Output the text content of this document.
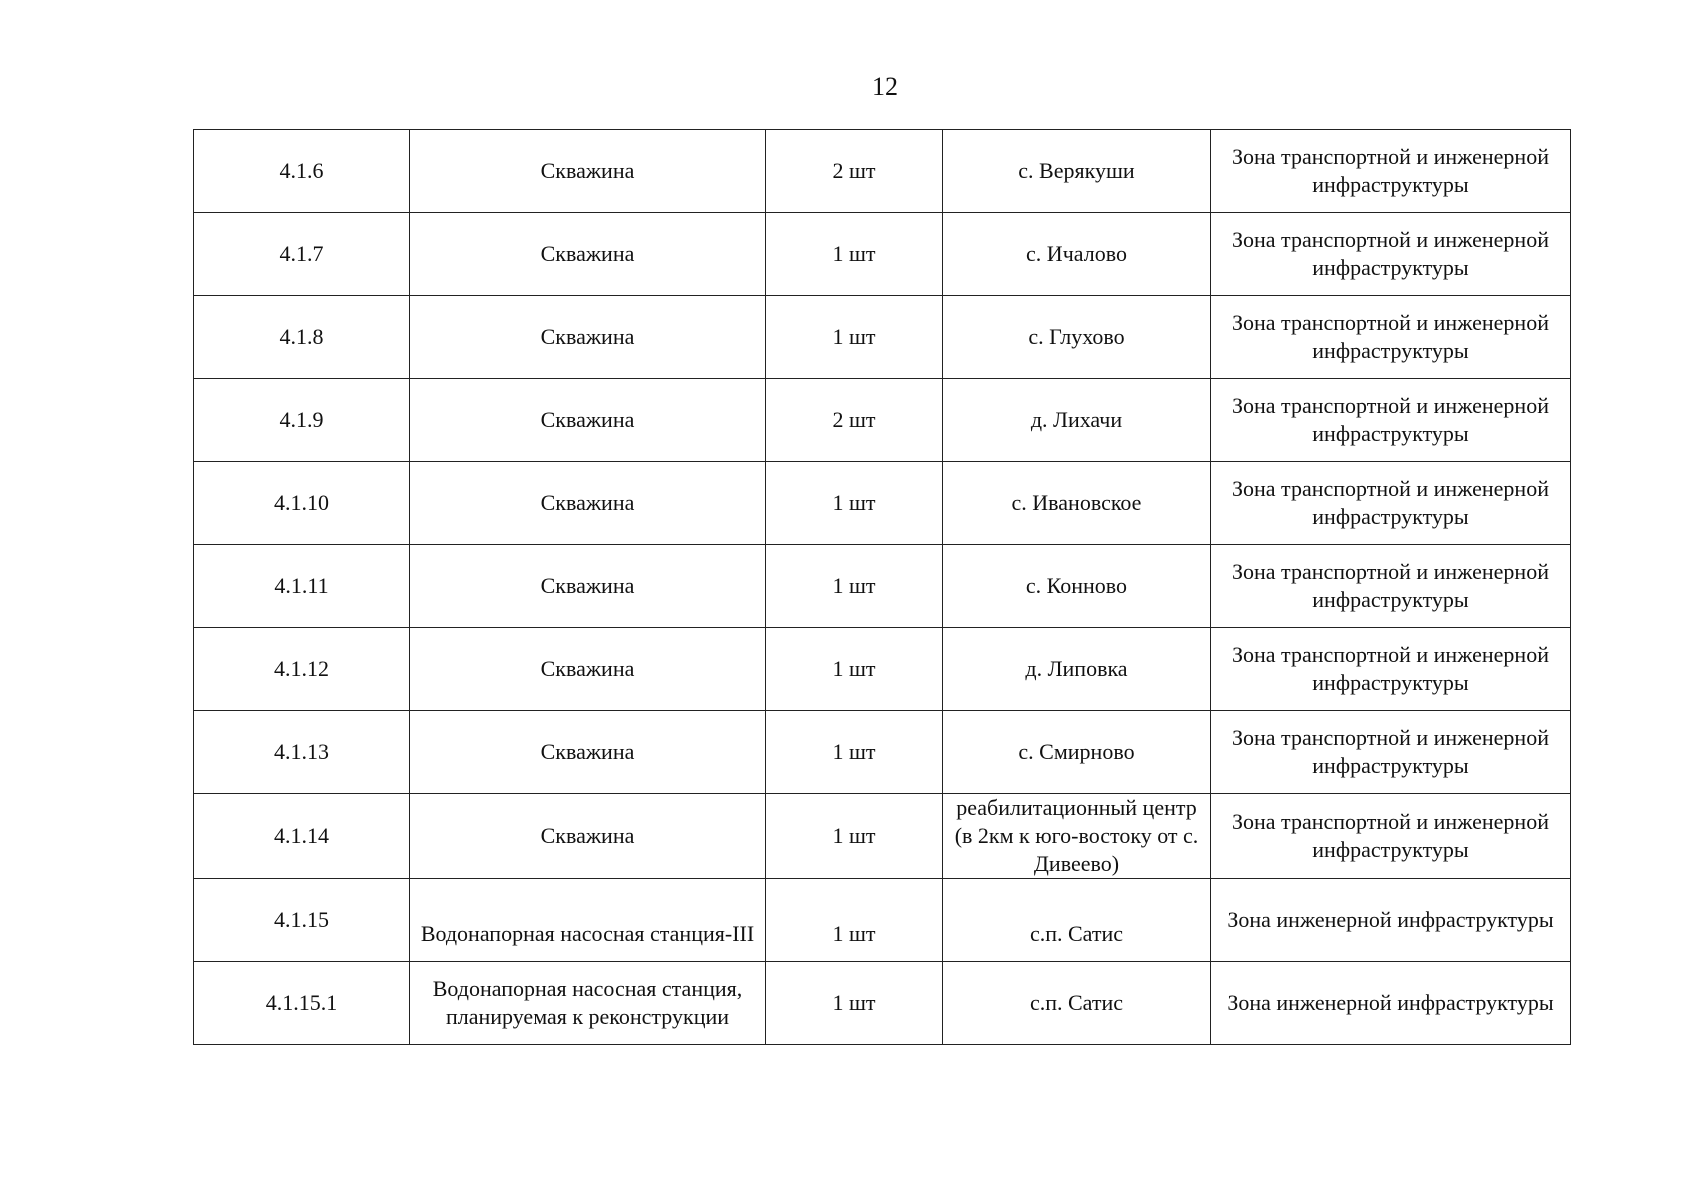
12
4.1.6	Скважина	2 шт	с. Верякуши	Зона транспортной и инженерной инфраструктуры
4.1.7	Скважина	1 шт	с. Ичалово	Зона транспортной и инженерной инфраструктуры
4.1.8	Скважина	1 шт	с. Глухово	Зона транспортной и инженерной инфраструктуры
4.1.9	Скважина	2 шт	д. Лихачи	Зона транспортной и инженерной инфраструктуры
4.1.10	Скважина	1 шт	с. Ивановское	Зона транспортной и инженерной инфраструктуры
4.1.11	Скважина	1 шт	с. Конново	Зона транспортной и инженерной инфраструктуры
4.1.12	Скважина	1 шт	д. Липовка	Зона транспортной и инженерной инфраструктуры
4.1.13	Скважина	1 шт	с. Смирново	Зона транспортной и инженерной инфраструктуры
4.1.14	Скважина	1 шт	реабилитационный центр (в 2км к юго-востоку от с. Дивеево)	Зона транспортной и инженерной инфраструктуры
4.1.15	Водонапорная насосная станция-III	1 шт	с.п. Сатис	Зона инженерной инфраструктуры
4.1.15.1	Водонапорная насосная станция, планируемая к реконструкции	1 шт	с.п. Сатис	Зона инженерной инфраструктуры
